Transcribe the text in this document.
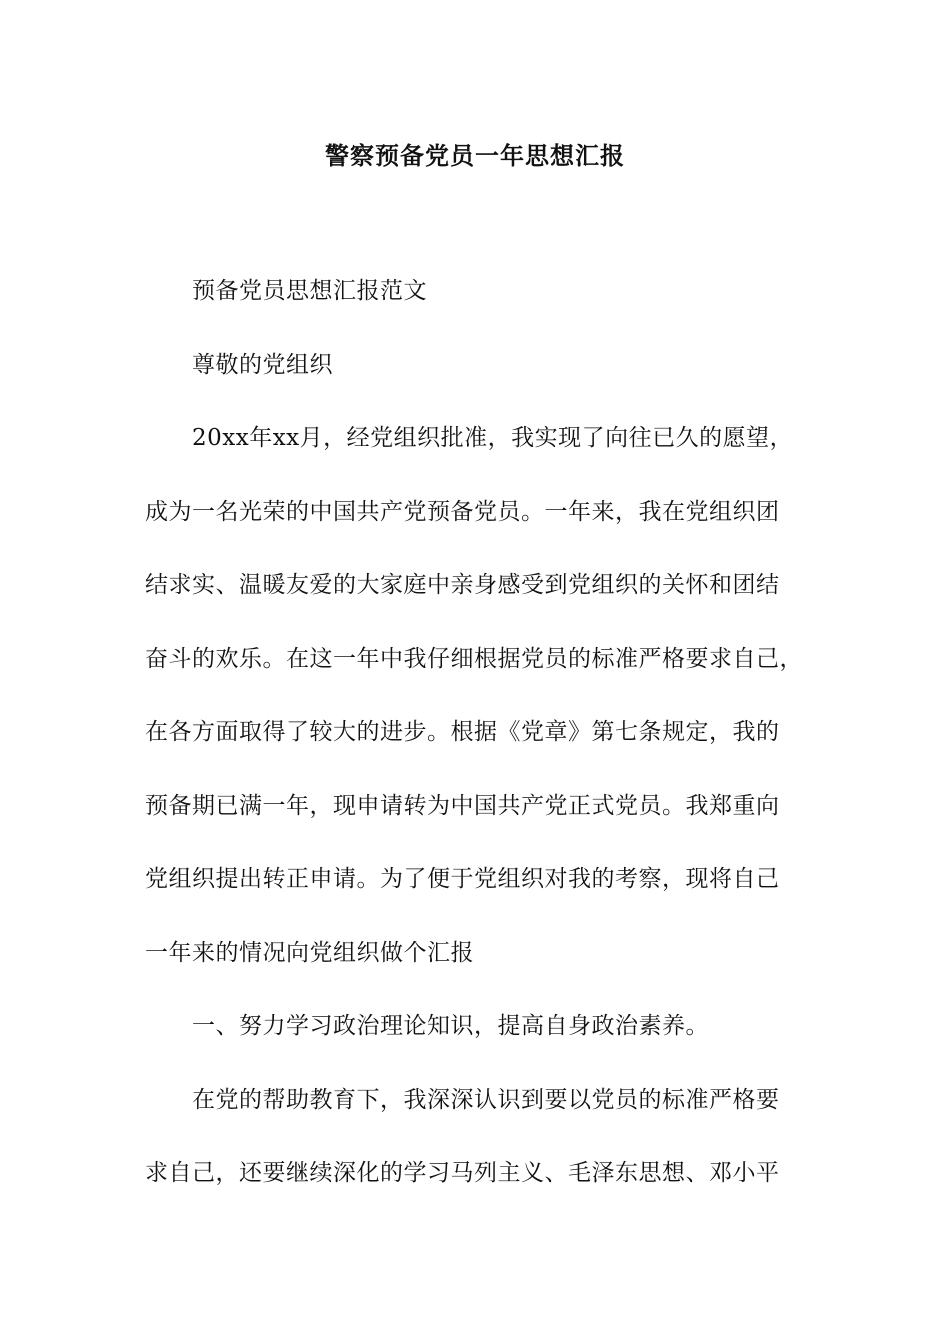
警察预备党员一年思想汇报
预备党员思想汇报范文
尊敬的党组织
20xx年xx月，经党组织批准，我实现了向往已久的愿望，
成为一名光荣的中国共产党预备党员。一年来，我在党组织团
结求实、温暖友爱的大家庭中亲身感受到党组织的关怀和团结
奋斗的欢乐。在这一年中我仔细根据党员的标准严格要求自己，
在各方面取得了较大的进步。根据《党章》第七条规定，我的
预备期已满一年，现申请转为中国共产党正式党员。我郑重向
党组织提出转正申请。为了便于党组织对我的考察，现将自己
一年来的情况向党组织做个汇报
一、努力学习政治理论知识，提高自身政治素养。
在党的帮助教育下，我深深认识到要以党员的标准严格要
求自己，还要继续深化的学习马列主义、毛泽东思想、邓小平
